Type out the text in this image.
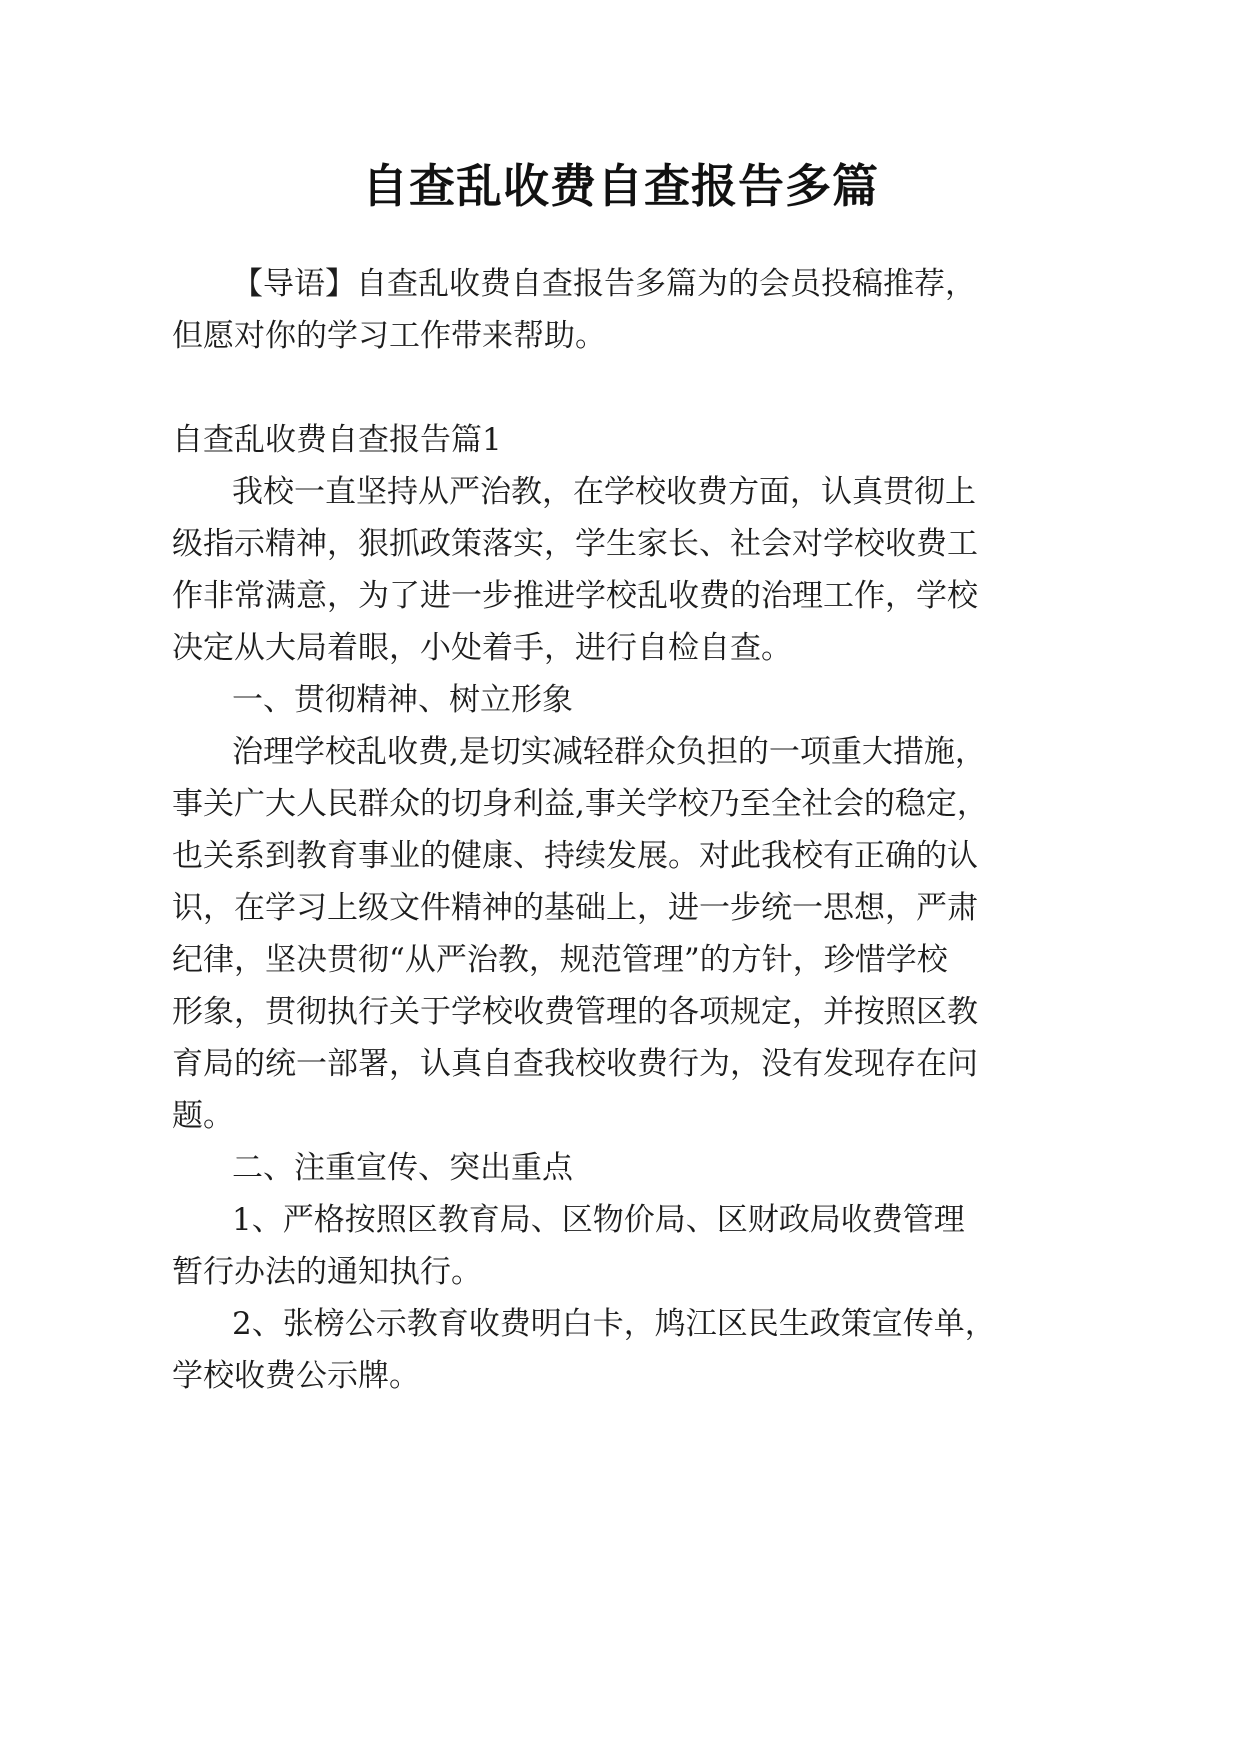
自查乱收费自查报告多篇
【导语】自查乱收费自查报告多篇为的会员投稿推荐，
但愿对你的学习工作带来帮助。
自查乱收费自查报告篇1
我校一直坚持从严治教，在学校收费方面，认真贯彻上
级指示精神，狠抓政策落实，学生家长、社会对学校收费工
作非常满意，为了进一步推进学校乱收费的治理工作，学校
决定从大局着眼，小处着手，进行自检自查。
一、贯彻精神、树立形象
治理学校乱收费,是切实减轻群众负担的一项重大措施，
事关广大人民群众的切身利益,事关学校乃至全社会的稳定，
也关系到教育事业的健康、持续发展。对此我校有正确的认
识，在学习上级文件精神的基础上，进一步统一思想，严肃
纪律，坚决贯彻“从严治教，规范管理”的方针，珍惜学校
形象，贯彻执行关于学校收费管理的各项规定，并按照区教
育局的统一部署，认真自查我校收费行为，没有发现存在问
题。
二、注重宣传、突出重点
1、严格按照区教育局、区物价局、区财政局收费管理
暂行办法的通知执行。
2、张榜公示教育收费明白卡，鸠江区民生政策宣传单，
学校收费公示牌。
